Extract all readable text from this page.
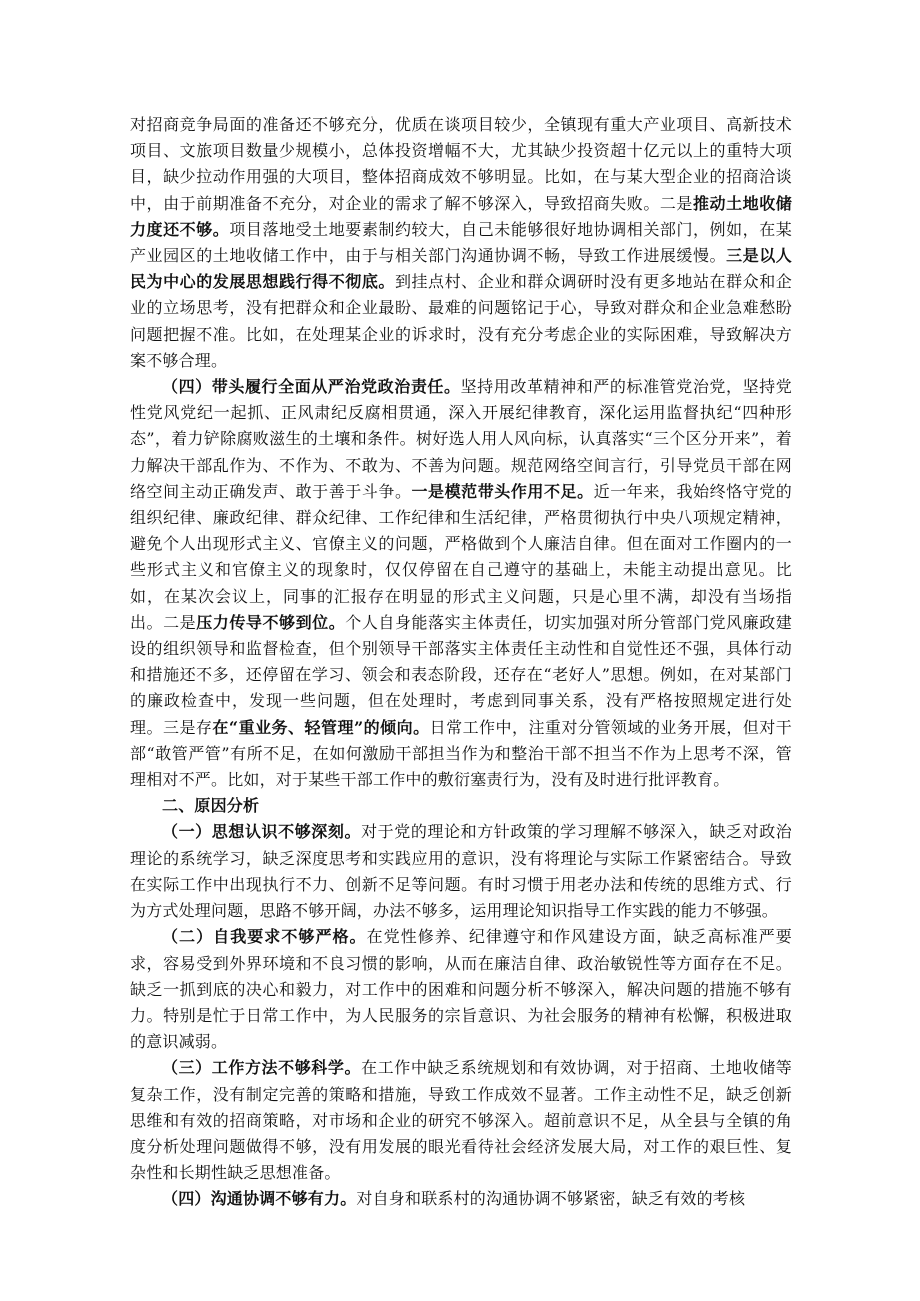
对招商竞争局面的准备还不够充分，优质在谈项目较少，全镇现有重大产业项目、高新技术项目、文旅项目数量少规模小，总体投资增幅不大，尤其缺少投资超十亿元以上的重特大项目，缺少拉动作用强的大项目，整体招商成效不够明显。比如，在与某大型企业的招商洽谈中，由于前期准备不充分，对企业的需求了解不够深入，导致招商失败。二是推动土地收储力度还不够。项目落地受土地要素制约较大，自己未能够很好地协调相关部门，例如，在某产业园区的土地收储工作中，由于与相关部门沟通协调不畅，导致工作进展缓慢。三是以人民为中心的发展思想践行得不彻底。到挂点村、企业和群众调研时没有更多地站在群众和企业的立场思考，没有把群众和企业最盼、最难的问题铭记于心，导致对群众和企业急难愁盼问题把握不准。比如，在处理某企业的诉求时，没有充分考虑企业的实际困难，导致解决方案不够合理。

（四）带头履行全面从严治党政治责任。坚持用改革精神和严的标准管党治党，坚持党性党风党纪一起抓、正风肃纪反腐相贯通，深入开展纪律教育，深化运用监督执纪“四种形态”，着力铲除腐败滋生的土壤和条件。树好选人用人风向标，认真落实“三个区分开来”，着力解决干部乱作为、不作为、不敢为、不善为问题。规范网络空间言行，引导党员干部在网络空间主动正确发声、敢于善于斗争。一是模范带头作用不足。近一年来，我始终恪守党的组织纪律、廉政纪律、群众纪律、工作纪律和生活纪律，严格贯彻执行中央八项规定精神，避免个人出现形式主义、官僚主义的问题，严格做到个人廉洁自律。但在面对工作圈内的一些形式主义和官僚主义的现象时，仅仅停留在自己遵守的基础上，未能主动提出意见。比如，在某次会议上，同事的汇报存在明显的形式主义问题，只是心里不满，却没有当场指出。二是压力传导不够到位。个人自身能落实主体责任，切实加强对所分管部门党风廉政建设的组织领导和监督检查，但个别领导干部落实主体责任主动性和自觉性还不强，具体行动和措施还不多，还停留在学习、领会和表态阶段，还存在“老好人”思想。例如，在对某部门的廉政检查中，发现一些问题，但在处理时，考虑到同事关系，没有严格按照规定进行处理。三是存在“重业务、轻管理”的倾向。日常工作中，注重对分管领域的业务开展，但对干部“敢管严管”有所不足，在如何激励干部担当作为和整治干部不担当不作为上思考不深，管理相对不严。比如，对于某些干部工作中的敷衍塞责行为，没有及时进行批评教育。

二、原因分析

（一）思想认识不够深刻。对于党的理论和方针政策的学习理解不够深入，缺乏对政治理论的系统学习，缺乏深度思考和实践应用的意识，没有将理论与实际工作紧密结合。导致在实际工作中出现执行不力、创新不足等问题。有时习惯于用老办法和传统的思维方式、行为方式处理问题，思路不够开阔，办法不够多，运用理论知识指导工作实践的能力不够强。

（二）自我要求不够严格。在党性修养、纪律遵守和作风建设方面，缺乏高标准严要求，容易受到外界环境和不良习惯的影响，从而在廉洁自律、政治敏锐性等方面存在不足。缺乏一抓到底的决心和毅力，对工作中的困难和问题分析不够深入，解决问题的措施不够有力。特别是忙于日常工作中，为人民服务的宗旨意识、为社会服务的精神有松懈，积极进取的意识减弱。

（三）工作方法不够科学。在工作中缺乏系统规划和有效协调，对于招商、土地收储等复杂工作，没有制定完善的策略和措施，导致工作成效不显著。工作主动性不足，缺乏创新思维和有效的招商策略，对市场和企业的研究不够深入。超前意识不足，从全县与全镇的角度分析处理问题做得不够，没有用发展的眼光看待社会经济发展大局，对工作的艰巨性、复杂性和长期性缺乏思想准备。

（四）沟通协调不够有力。对自身和联系村的沟通协调不够紧密，缺乏有效的考核
